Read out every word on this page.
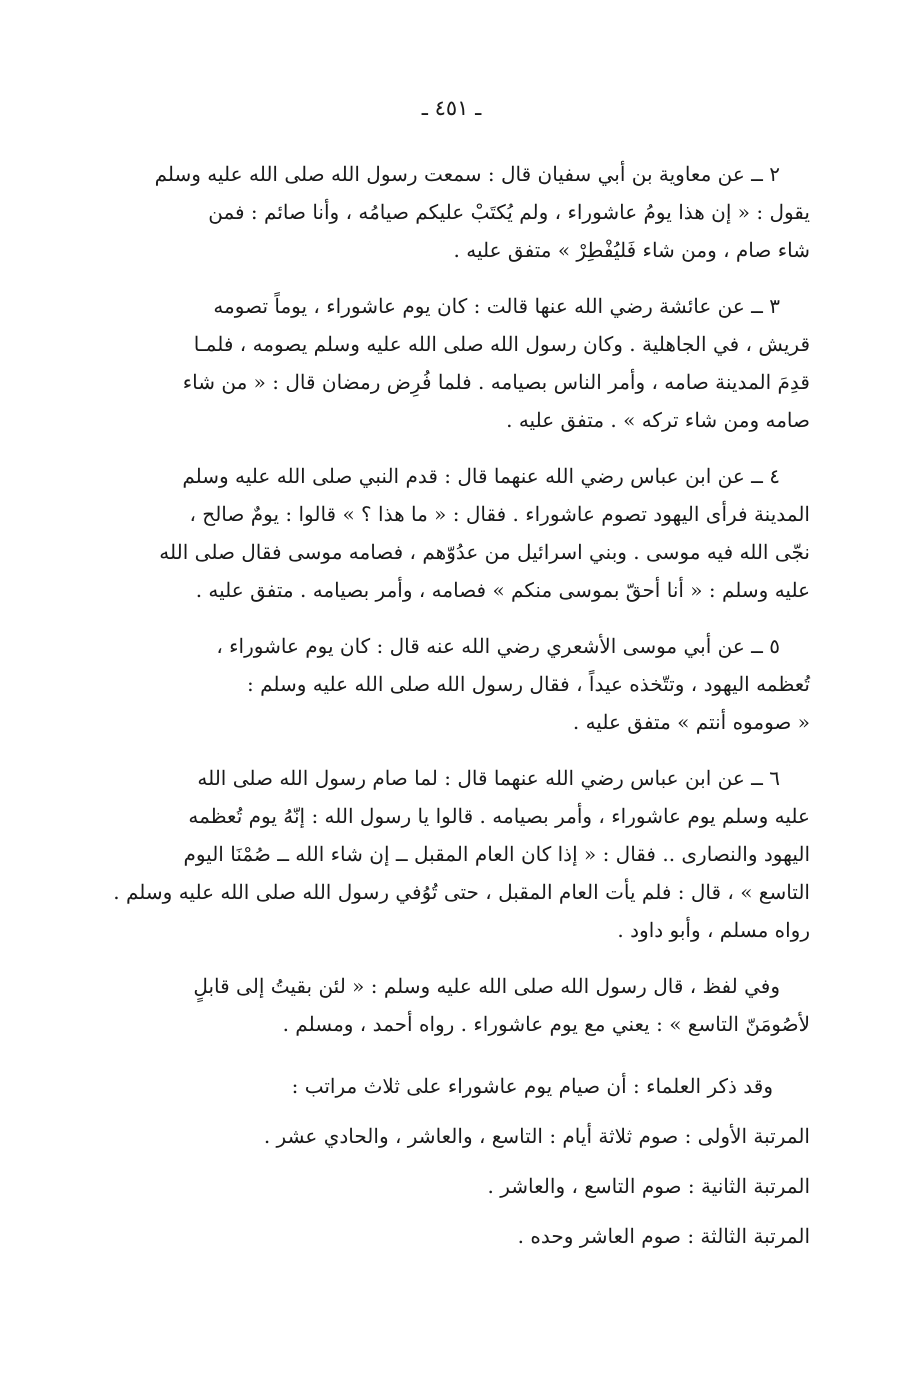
ـ ٤٥١ ـ
٢ ــ عن معاوية بن أبي سفيان قال : سمعت رسول الله صلى الله عليه وسلم
يقول : « إن هذا يومُ عاشوراء ، ولم يُكتَبْ عليكم صيامُه ، وأنا صائم : فمن
شاء صام ، ومن شاء فَليُفْطِرْ » متفق عليه .
٣ ــ عن عائشة رضي الله عنها قالت : كان يوم عاشوراء ، يوماً تصومه
قريش ، في الجاهلية . وكان رسول الله صلى الله عليه وسلم يصومه ، فلمـا
قدِمَ المدينة صامه ، وأمر الناس بصيامه . فلما فُرِض رمضان قال : « من شاء
صامه ومن شاء تركه » . متفق عليه .
٤ ــ عن ابن عباس رضي الله عنهما قال : قدم النبي صلى الله عليه وسلم
المدينة فرأى اليهود تصوم عاشوراء . فقال : « ما هذا ؟ » قالوا : يومٌ صالح ،
نجّى الله فيه موسى . وبني اسرائيل من عدُوّهم ، فصامه موسى فقال صلى الله
عليه وسلم : « أنا أحقّ بموسى منكم » فصامه ، وأمر بصيامه . متفق عليه .
٥ ــ عن أبي موسى الأشعري رضي الله عنه قال : كان يوم عاشوراء ،
تُعظمه اليهود ، وتتّخذه عيداً ، فقال رسول الله صلى الله عليه وسلم :
« صوموه أنتم » متفق عليه .
٦ ــ عن ابن عباس رضي الله عنهما قال : لما صام رسول الله صلى الله
عليه وسلم يوم عاشوراء ، وأمر بصيامه . قالوا يا رسول الله : إنّهُ يوم تُعظمه
اليهود والنصارى .. فقال : « إذا كان العام المقبل ــ إن شاء الله ــ صُمْنَا اليوم
التاسع » ، قال : فلم يأت العام المقبل ، حتى تُوُفي رسول الله صلى الله عليه وسلم .
رواه مسلم ، وأبو داود .
وفي لفظ ، قال رسول الله صلى الله عليه وسلم : « لئن بقيتُ إلى قابلٍ
لأصُومَنّ التاسع » : يعني مع يوم عاشوراء . رواه أحمد ، ومسلم .
وقد ذكر العلماء : أن صيام يوم عاشوراء على ثلاث مراتب :
المرتبة الأولى : صوم ثلاثة أيام : التاسع ، والعاشر ، والحادي عشر .
المرتبة الثانية : صوم التاسع ، والعاشر .
المرتبة الثالثة : صوم العاشر وحده .
